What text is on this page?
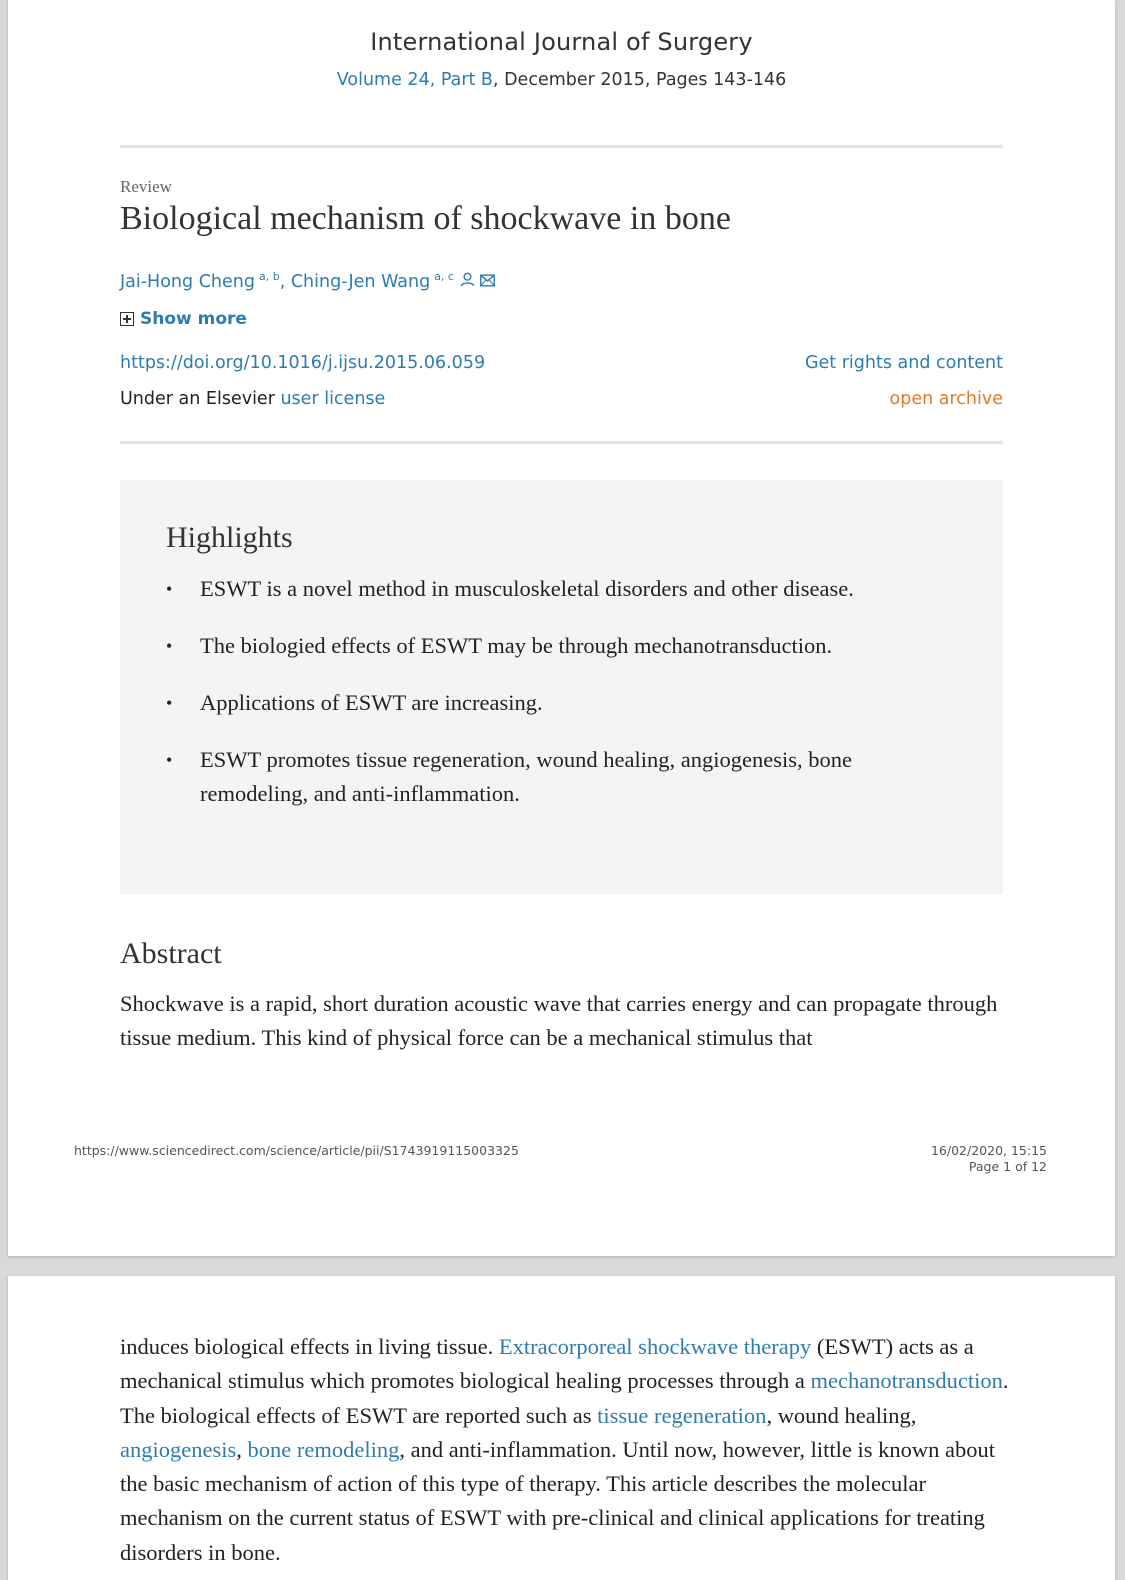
International Journal of Surgery
Volume 24, Part B, December 2015, Pages 143-146
Review
Biological mechanism of shockwave in bone
Jai-Hong Cheng $^{a, b}$, Ching-Jen Wang $^{a, c}$
Show more
https://doi.org/10.1016/j.ijsu.2015.06.059	Get rights and content
Under an Elsevier user license	open archive
Highlights
• ESWT is a novel method in musculoskeletal disorders and other disease.
• The biologied effects of ESWT may be through mechanotransduction.
• Applications of ESWT are increasing.
• ESWT promotes tissue regeneration, wound healing, angiogenesis, bone remodeling, and anti-inflammation.
Abstract
Shockwave is a rapid, short duration acoustic wave that carries energy and can propagate through tissue medium. This kind of physical force can be a mechanical stimulus that
https://www.sciencedirect.com/science/article/pii/S1743919115003325	16/02/2020, 15:15
Page 1 of 12
induces biological effects in living tissue. Extracorporeal shockwave therapy (ESWT) acts as a mechanical stimulus which promotes biological healing processes through a mechanotransduction. The biological effects of ESWT are reported such as tissue regeneration, wound healing, angiogenesis, bone remodeling, and anti-inflammation. Until now, however, little is known about the basic mechanism of action of this type of therapy. This article describes the molecular mechanism on the current status of ESWT with pre-clinical and clinical applications for treating disorders in bone.
